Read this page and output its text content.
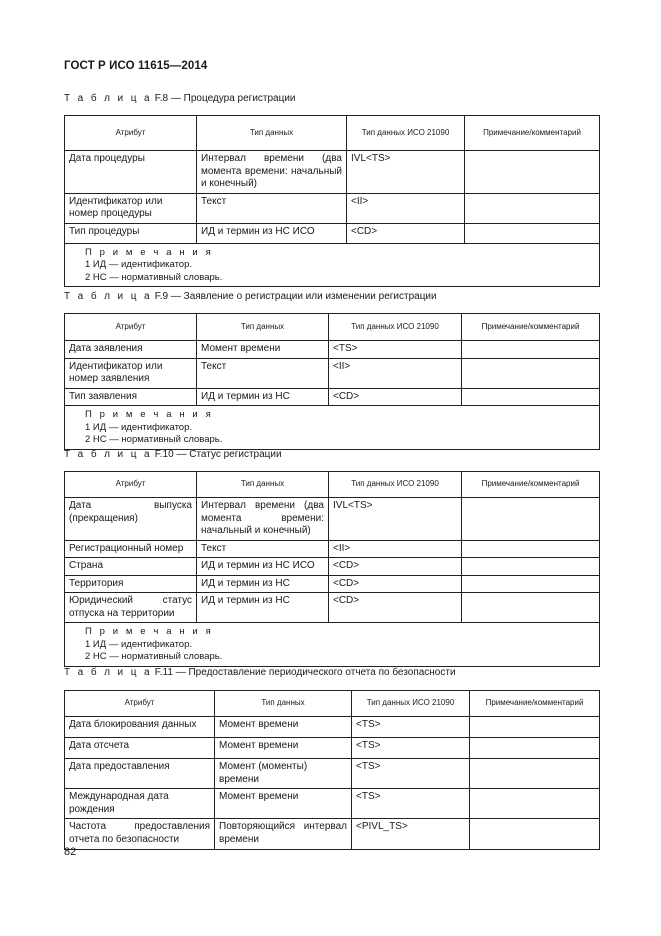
ГОСТ Р ИСО 11615—2014
Т а б л и ц а F.8 — Процедура регистрации
Атрибут	Тип данных	Тип данных ИСО 21090	Примечание/комментарий
Дата процедуры	Интервал времени (два момента времени: начальный и конечный)	IVL<TS>	
Идентификатор или номер процедуры	Текст	<II>	
Тип процедуры	ИД и термин из НС ИСО	<CD>	

П р и м е ч а н и я
1 ИД — идентификатор.
2 НС — нормативный словарь.			
Т а б л и ц а F.9 — Заявление о регистрации или изменении регистрации
Атрибут	Тип данных	Тип данных ИСО 21090	Примечание/комментарий
Дата заявления	Момент времени	<TS>	
Идентификатор или номер заявления	Текст	<II>	
Тип заявления	ИД и термин из НС	<CD>	

П р и м е ч а н и я
1 ИД — идентификатор.
2 НС — нормативный словарь.			
Т а б л и ц а F.10 — Статус регистрации
Атрибут	Тип данных	Тип данных ИСО 21090	Примечание/комментарий
Дата выпуска (прекращения)	Интервал времени (два момента времени: начальный и конечный)	IVL<TS>	
Регистрационный номер	Текст	<II>	
Страна	ИД и термин из НС ИСО	<CD>	
Территория	ИД и термин из НС	<CD>	
Юридический статус отпуска на территории	ИД и термин из НС	<CD>	

П р и м е ч а н и я
1 ИД — идентификатор.
2 НС — нормативный словарь.			
Т а б л и ц а F.11 — Предоставление периодического отчета по безопасности
Атрибут	Тип данных	Тип данных ИСО 21090	Примечание/комментарий
Дата блокирования данных	Момент времени	<TS>	
Дата отсчета	Момент времени	<TS>	
Дата предоставления	Момент (моменты) времени	<TS>	
Международная дата рождения	Момент времени	<TS>	
Частота предоставления отчета по безопасности	Повторяющийся интервал времени	<PIVL_TS>	
82
